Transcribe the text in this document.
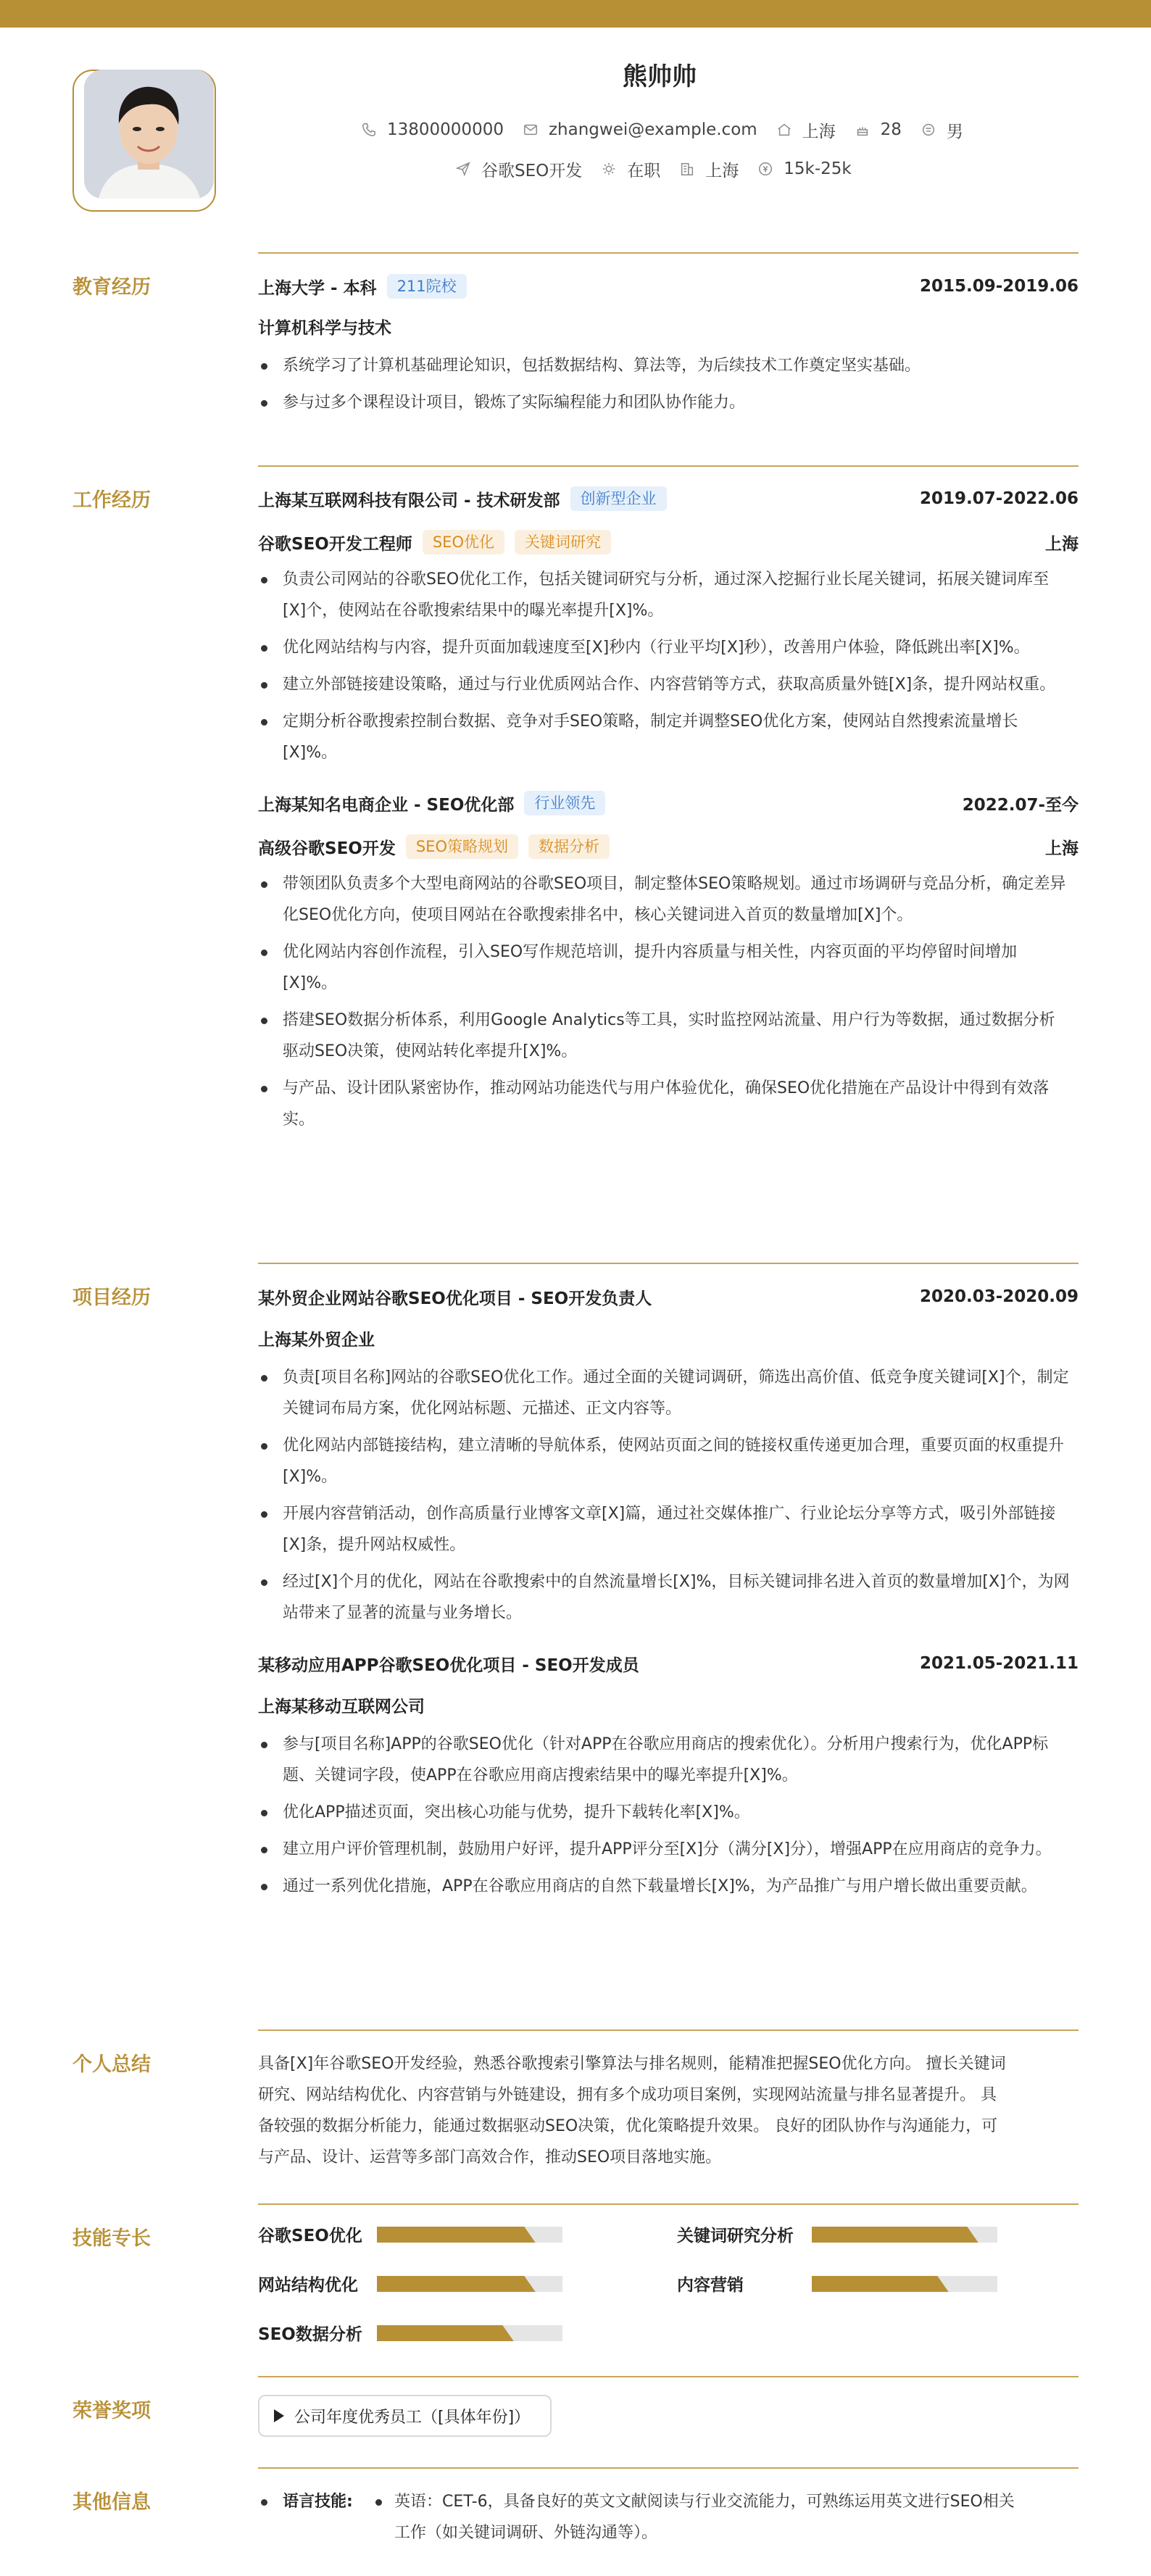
熊帅帅
13800000000	zhangwei@example.com	上海	28	男
谷歌SEO开发	在职	上海	15k-25k
教育经历	上海大学 - 本科	211院校	2015.09-2019.06
计算机科学与技术
系统学习了计算机基础理论知识，包括数据结构、算法等，为后续技术工作奠定坚实基础。
参与过多个课程设计项目，锻炼了实际编程能力和团队协作能力。
工作经历	上海某互联网科技有限公司 - 技术研发部	创新型企业	2019.07-2022.06
谷歌SEO开发工程师	SEO优化	关键词研究	上海
负责公司网站的谷歌SEO优化工作，包括关键词研究与分析，通过深入挖掘行业长尾关键词，拓展关键词库至[X]个，使网站在谷歌搜索结果中的曝光率提升[X]%。
优化网站结构与内容，提升页面加载速度至[X]秒内（行业平均[X]秒），改善用户体验，降低跳出率[X]%。
建立外部链接建设策略，通过与行业优质网站合作、内容营销等方式，获取高质量外链[X]条，提升网站权重。
定期分析谷歌搜索控制台数据、竞争对手SEO策略，制定并调整SEO优化方案，使网站自然搜索流量增长[X]%。
上海某知名电商企业 - SEO优化部	行业领先	2022.07-至今
高级谷歌SEO开发	SEO策略规划	数据分析	上海
带领团队负责多个大型电商网站的谷歌SEO项目，制定整体SEO策略规划。通过市场调研与竞品分析，确定差异化SEO优化方向，使项目网站在谷歌搜索排名中，核心关键词进入首页的数量增加[X]个。
优化网站内容创作流程，引入SEO写作规范培训，提升内容质量与相关性，内容页面的平均停留时间增加[X]%。
搭建SEO数据分析体系，利用Google Analytics等工具，实时监控网站流量、用户行为等数据，通过数据分析驱动SEO决策，使网站转化率提升[X]%。
与产品、设计团队紧密协作，推动网站功能迭代与用户体验优化，确保SEO优化措施在产品设计中得到有效落实。
项目经历	某外贸企业网站谷歌SEO优化项目 - SEO开发负责人	2020.03-2020.09
上海某外贸企业
负责[项目名称]网站的谷歌SEO优化工作。通过全面的关键词调研，筛选出高价值、低竞争度关键词[X]个，制定关键词布局方案，优化网站标题、元描述、正文内容等。
优化网站内部链接结构，建立清晰的导航体系，使网站页面之间的链接权重传递更加合理，重要页面的权重提升[X]%。
开展内容营销活动，创作高质量行业博客文章[X]篇，通过社交媒体推广、行业论坛分享等方式，吸引外部链接[X]条，提升网站权威性。
经过[X]个月的优化，网站在谷歌搜索中的自然流量增长[X]%，目标关键词排名进入首页的数量增加[X]个，为网站带来了显著的流量与业务增长。
某移动应用APP谷歌SEO优化项目 - SEO开发成员	2021.05-2021.11
上海某移动互联网公司
参与[项目名称]APP的谷歌SEO优化（针对APP在谷歌应用商店的搜索优化）。分析用户搜索行为，优化APP标题、关键词字段，使APP在谷歌应用商店搜索结果中的曝光率提升[X]%。
优化APP描述页面，突出核心功能与优势，提升下载转化率[X]%。
建立用户评价管理机制，鼓励用户好评，提升APP评分至[X]分（满分[X]分），增强APP在应用商店的竞争力。
通过一系列优化措施，APP在谷歌应用商店的自然下载量增长[X]%，为产品推广与用户增长做出重要贡献。
个人总结	具备[X]年谷歌SEO开发经验，熟悉谷歌搜索引擎算法与排名规则，能精准把握SEO优化方向。 擅长关键词
研究、网站结构优化、内容营销与外链建设，拥有多个成功项目案例，实现网站流量与排名显著提升。 具
备较强的数据分析能力，能通过数据驱动SEO决策，优化策略提升效果。 良好的团队协作与沟通能力，可
与产品、设计、运营等多部门高效合作，推动SEO项目落地实施。
技能专长	谷歌SEO优化	关键词研究分析
网站结构优化	内容营销
SEO数据分析
荣誉奖项	公司年度优秀员工（[具体年份]）
其他信息	语言技能:	英语：CET-6，具备良好的英文文献阅读与行业交流能力，可熟练运用英文进行SEO相关
工作（如关键词调研、外链沟通等）。
